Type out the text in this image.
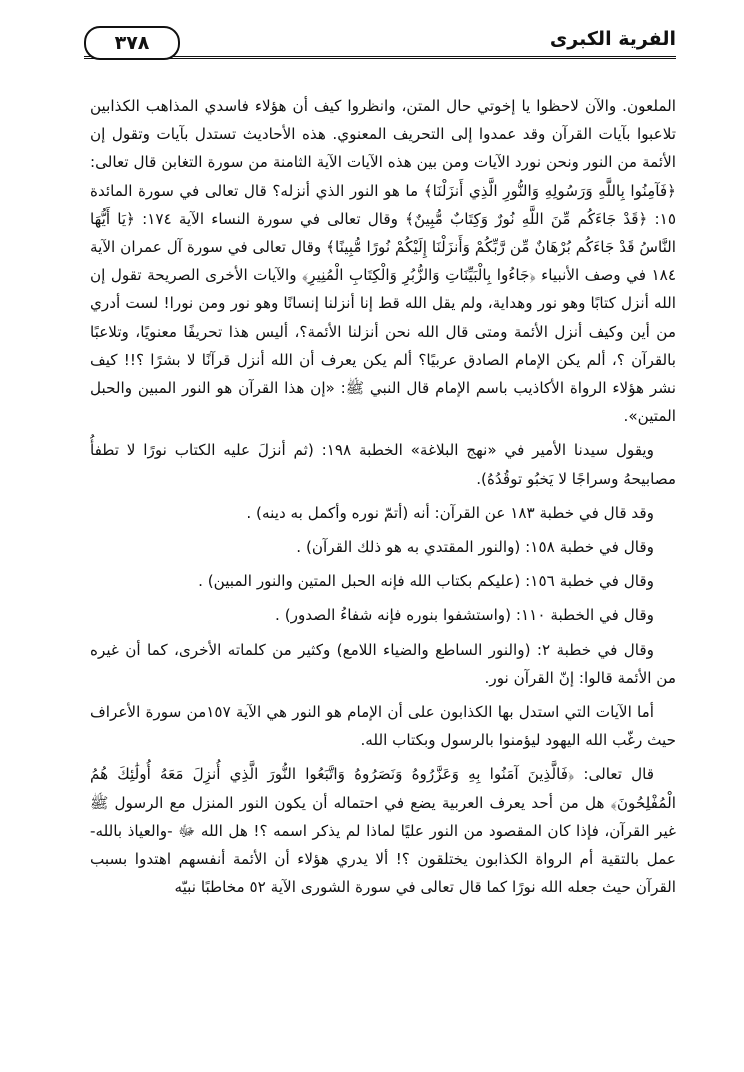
الفرية الكبرى
٣٧٨

الملعون. والآن لاحظوا يا إخوتي حال المتن، وانظروا كيف أن هؤلاء فاسدي المذاهب الكذابين تلاعبوا بآيات القرآن وقد عمدوا إلى التحريف المعنوي. هذه الأحاديث تستدل بآيات وتقول إن الأئمة من النور ونحن نورد الآيات ومن بين هذه الآيات الآية الثامنة من سورة التغابن قال تعالى: ﴿فَآمِنُوا بِاللَّهِ وَرَسُولِهِ وَالنُّورِ الَّذِي أَنزَلْنَا﴾ ما هو النور الذي أنزله؟ قال تعالى في سورة المائدة ١٥: ﴿قَدْ جَاءَكُم مِّنَ اللَّهِ نُورٌ وَكِتَابٌ مُّبِينٌ﴾ وقال تعالى في سورة النساء الآية ١٧٤: ﴿يَا أَيُّهَا النَّاسُ قَدْ جَاءَكُم بُرْهَانٌ مِّن رَّبِّكُمْ وَأَنزَلْنَا إِلَيْكُمْ نُورًا مُّبِينًا﴾ وقال تعالى في سورة آل عمران الآية ١٨٤ في وصف الأنبياء ﴿جَاءُوا بِالْبَيِّنَاتِ وَالزُّبُرِ وَالْكِتَابِ الْمُنِيرِ﴾ والآيات الأخرى الصريحة تقول إن الله أنزل كتابًا وهو نور وهداية، ولم يقل الله قط إنا أنزلنا إنسانًا وهو نور ومن نورا! لست أدري من أين وكيف أنزل الأئمة ومتى قال الله نحن أنزلنا الأئمة؟، أليس هذا تحريفًا معنويًا، وتلاعبًا بالقرآن ؟، ألم يكن الإمام الصادق عربيًا؟ ألم يكن يعرف أن الله أنزل قرآنًا لا بشرًا ؟!! كيف نشر هؤلاء الرواة الأكاذيب باسم الإمام قال النبي ﷺ: «إن هذا القرآن هو النور المبين والحبل المتين».

ويقول سيدنا الأمير في «نهج البلاغة» الخطبة ١٩٨: (ثم أنزلَ عليه الكتاب نورًا لا تطفأُ مصابيحهُ وسراجًا لا يَخبُو توقُدُهُ).

وقد قال في خطبة ١٨٣ عن القرآن: أنه (أتمّ نوره وأكمل به دينه) .

وقال في خطبة ١٥٨: (والنور المقتدي به هو ذلك القرآن) .

وقال في خطبة ١٥٦: (عليكم بكتاب الله فإنه الحبل المتين والنور المبين) .

وقال في الخطبة ١١٠: (واستشفوا بنوره فإنه شفاءُ الصدور) .

وقال في خطبة ٢: (والنور الساطع والضياء اللامع) وكثير من كلماته الأخرى، كما أن غيره من الأئمة قالوا: إنّ القرآن نور.

أما الآيات التي استدل بها الكذابون على أن الإمام هو النور هي الآية ١٥٧من سورة الأعراف حيث رغّب الله اليهود ليؤمنوا بالرسول وبكتاب الله.

قال تعالى: ﴿فَالَّذِينَ آمَنُوا بِهِ وَعَزَّرُوهُ وَنَصَرُوهُ وَاتَّبَعُوا النُّورَ الَّذِي أُنزِلَ مَعَهُ أُولَٰئِكَ هُمُ الْمُفْلِحُونَ﴾ هل من أحد يعرف العربية يضع في احتماله أن يكون النور المنزل مع الرسول ﷺ غير القرآن، فإذا كان المقصود من النور عليًا لماذا لم يذكر اسمه ؟! هل الله ﷻ -والعياذ بالله- عمل بالتقية أم الرواة الكذابون يختلقون ؟! ألا يدري هؤلاء أن الأئمة أنفسهم اهتدوا بسبب القرآن حيث جعله الله نورًا كما قال تعالى في سورة الشورى الآية ٥٢ مخاطبًا نبيّه
